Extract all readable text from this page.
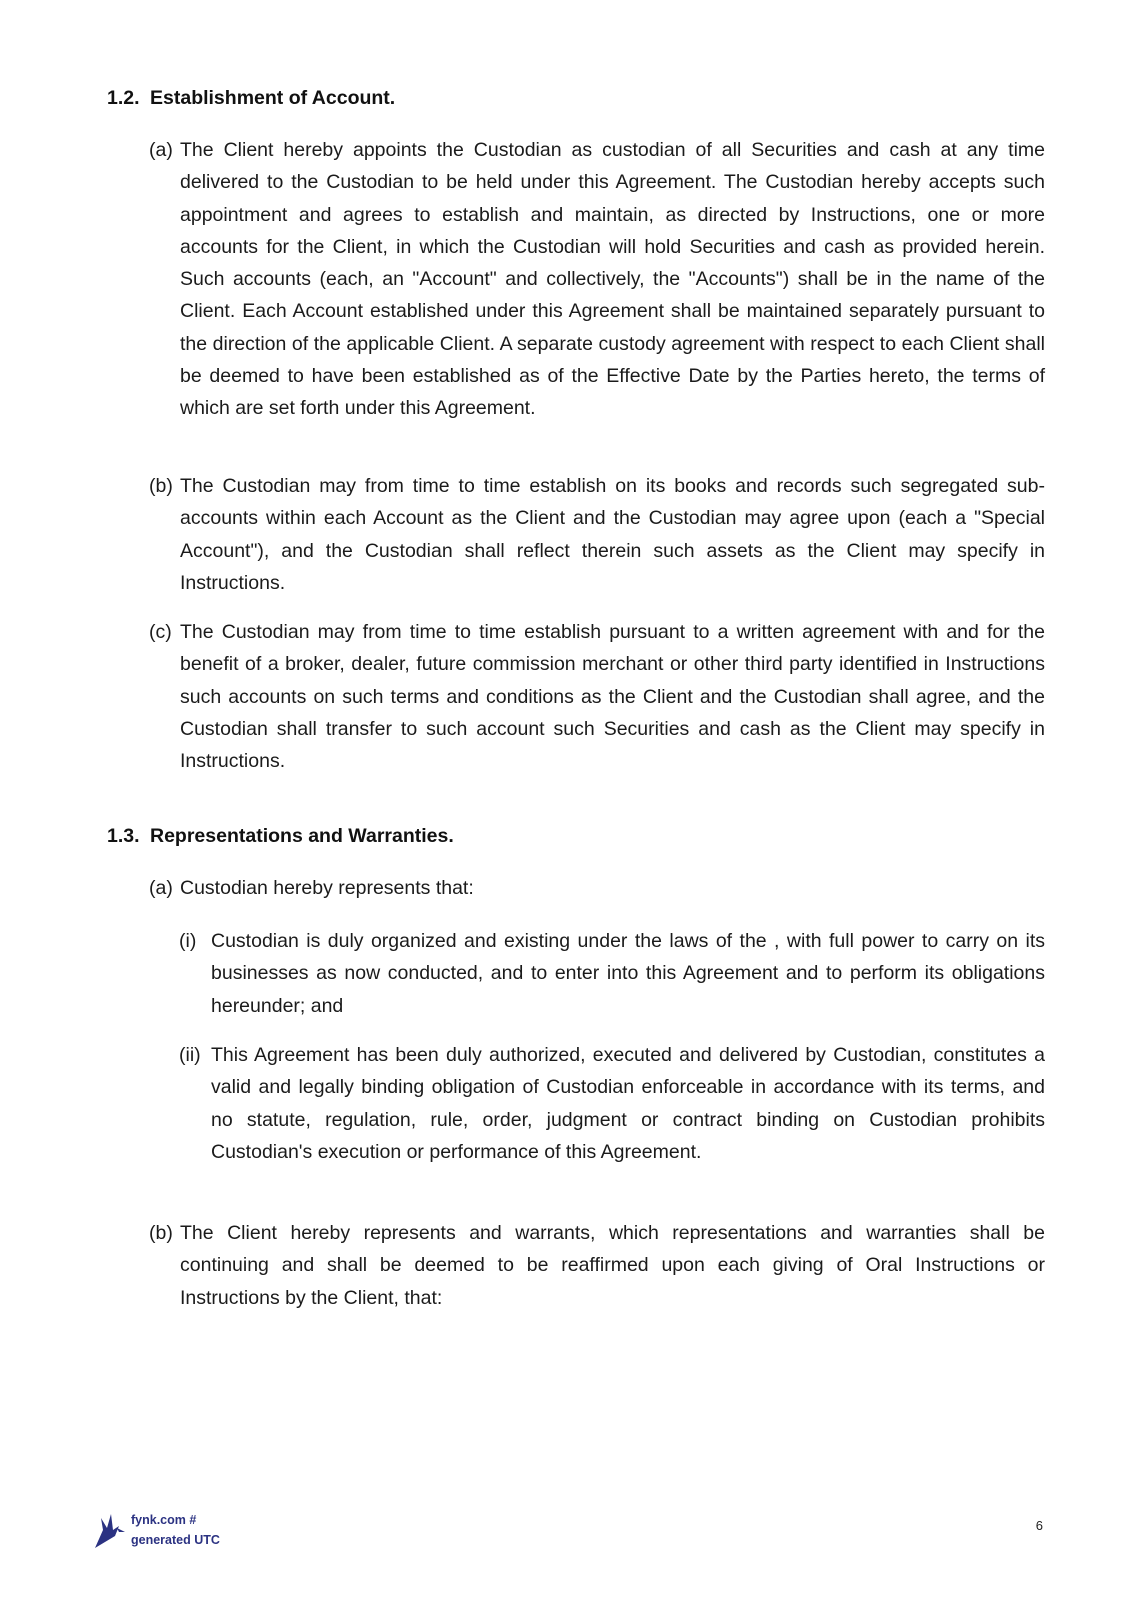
1.2. Establishment of Account.

(a) The Client hereby appoints the Custodian as custodian of all Securities and cash at any time delivered to the Custodian to be held under this Agreement. The Custodian hereby accepts such appointment and agrees to establish and maintain, as directed by Instructions, one or more accounts for the Client, in which the Custodian will hold Securities and cash as provided herein. Such accounts (each, an "Account" and collectively, the "Accounts") shall be in the name of the Client. Each Account established under this Agreement shall be maintained separately pursuant to the direction of the applicable Client. A separate custody agreement with respect to each Client shall be deemed to have been established as of the Effective Date by the Parties hereto, the terms of which are set forth under this Agreement.

(b) The Custodian may from time to time establish on its books and records such segregated sub-accounts within each Account as the Client and the Custodian may agree upon (each a "Special Account"), and the Custodian shall reflect therein such assets as the Client may specify in Instructions.

(c) The Custodian may from time to time establish pursuant to a written agreement with and for the benefit of a broker, dealer, future commission merchant or other third party identified in Instructions such accounts on such terms and conditions as the Client and the Custodian shall agree, and the Custodian shall transfer to such account such Securities and cash as the Client may specify in Instructions.

1.3. Representations and Warranties.

(a) Custodian hereby represents that:

(i) Custodian is duly organized and existing under the laws of the , with full power to carry on its businesses as now conducted, and to enter into this Agreement and to perform its obligations hereunder; and

(ii) This Agreement has been duly authorized, executed and delivered by Custodian, constitutes a valid and legally binding obligation of Custodian enforceable in accordance with its terms, and no statute, regulation, rule, order, judgment or contract binding on Custodian prohibits Custodian's execution or performance of this Agreement.

(b) The Client hereby represents and warrants, which representations and warranties shall be continuing and shall be deemed to be reaffirmed upon each giving of Oral Instructions or Instructions by the Client, that:

fynk.com #
generated UTC
6
